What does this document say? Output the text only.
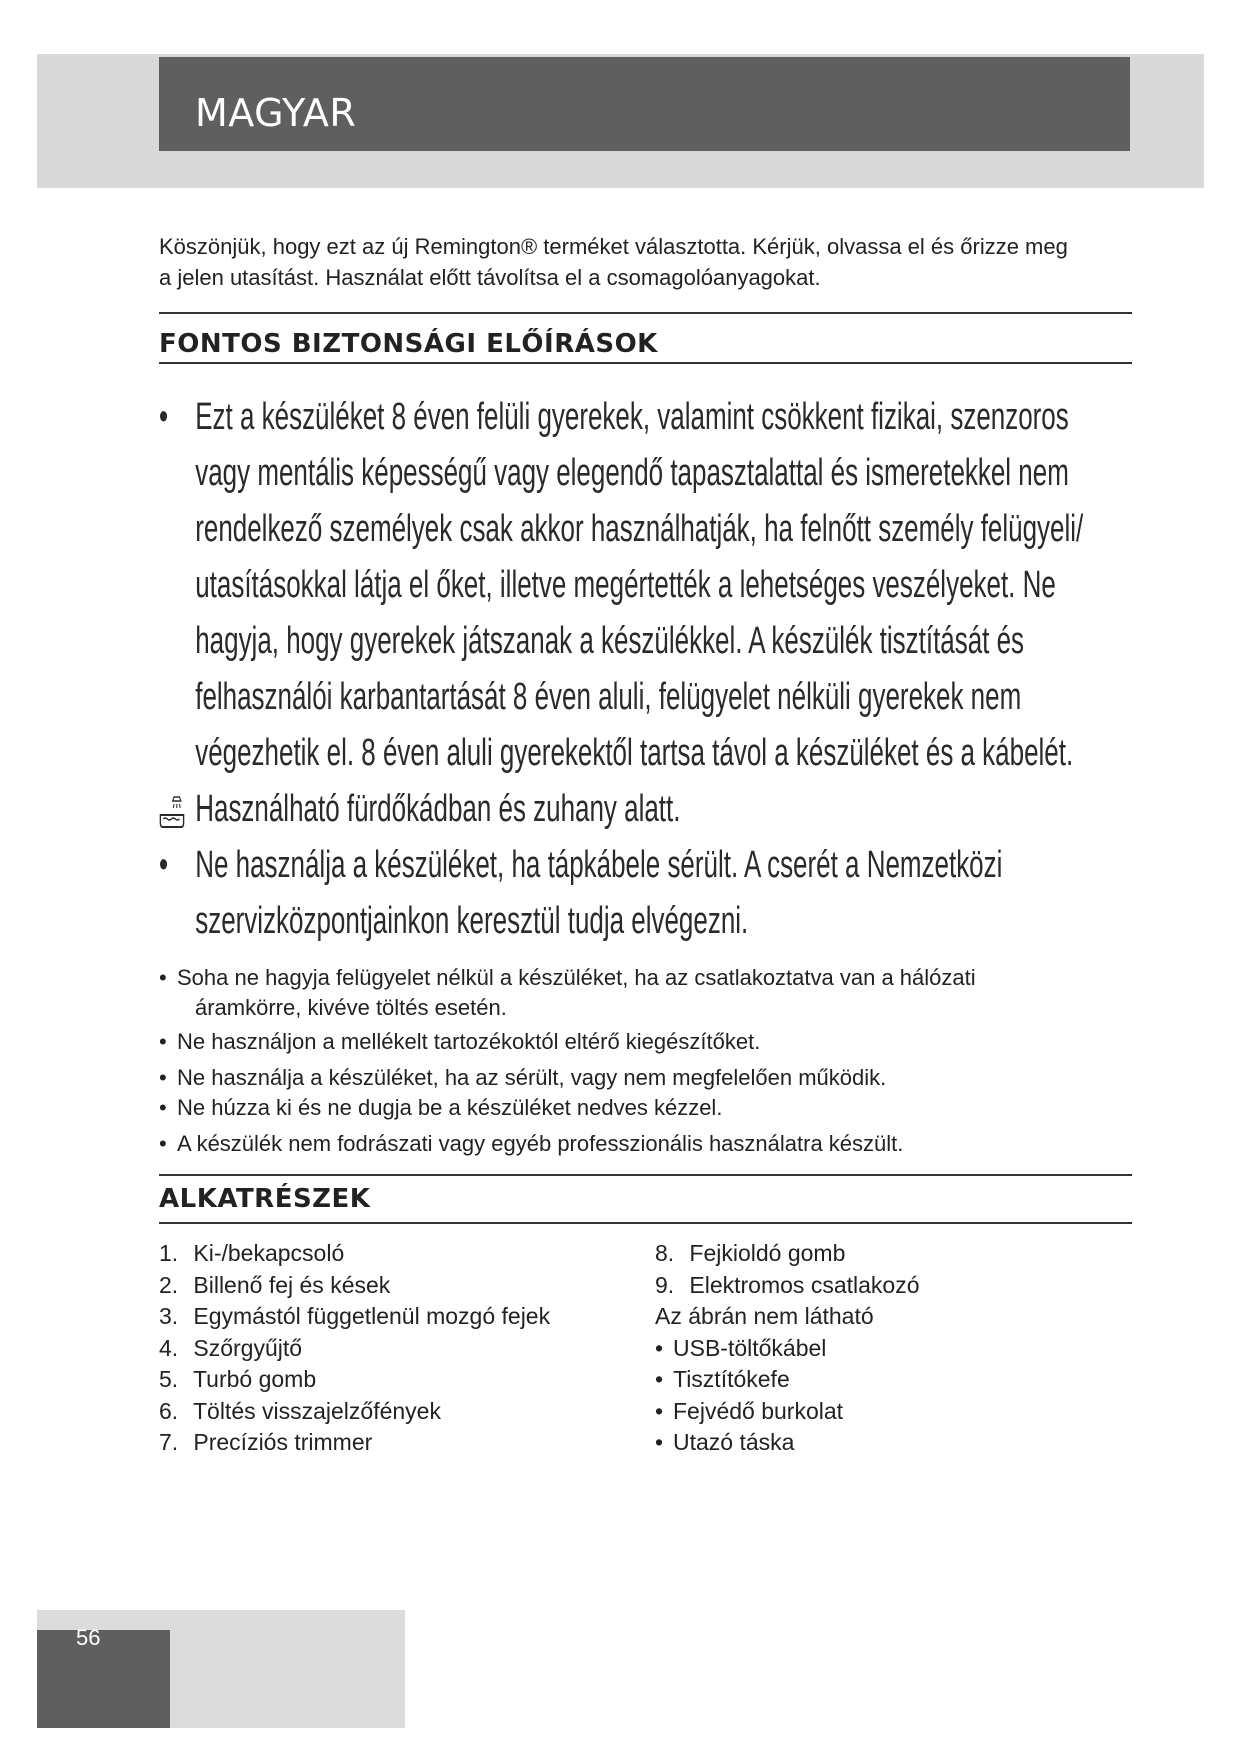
MAGYAR
Köszönjük, hogy ezt az új Remington® terméket választotta. Kérjük, olvassa el és őrizze meg
a jelen utasítást. Használat előtt távolítsa el a csomagolóanyagokat.
FONTOS BIZTONSÁGI ELŐÍRÁSOK
• Ezt a készüléket 8 éven felüli gyerekek, valamint csökkent fizikai, szenzoros
vagy mentális képességű vagy elegendő tapasztalattal és ismeretekkel nem
rendelkező személyek csak akkor használhatják, ha felnőtt személy felügyeli/
utasításokkal látja el őket, illetve megértették a lehetséges veszélyeket. Ne
hagyja, hogy gyerekek játszanak a készülékkel. A készülék tisztítását és
felhasználói karbantartását 8 éven aluli, felügyelet nélküli gyerekek nem
végezhetik el. 8 éven aluli gyerekektől tartsa távol a készüléket és a kábelét.
Használható fürdőkádban és zuhany alatt.
• Ne használja a készüléket, ha tápkábele sérült. A cserét a Nemzetközi
szervizközpontjainkon keresztül tudja elvégezni.
• Soha ne hagyja felügyelet nélkül a készüléket, ha az csatlakoztatva van a hálózati
áramkörre, kivéve töltés esetén.
• Ne használjon a mellékelt tartozékoktól eltérő kiegészítőket.
• Ne használja a készüléket, ha az sérült, vagy nem megfelelően működik.
• Ne húzza ki és ne dugja be a készüléket nedves kézzel.
• A készülék nem fodrászati vagy egyéb professzionális használatra készült.
ALKATRÉSZEK
1. Ki-/bekapcsoló
2. Billenő fej és kések
3. Egymástól függetlenül mozgó fejek
4. Szőrgyűjtő
5. Turbó gomb
6. Töltés visszajelzőfények
7. Precíziós trimmer
8. Fejkioldó gomb
9. Elektromos csatlakozó
Az ábrán nem látható
• USB-töltőkábel
• Tisztítókefe
• Fejvédő burkolat
• Utazó táska
56
